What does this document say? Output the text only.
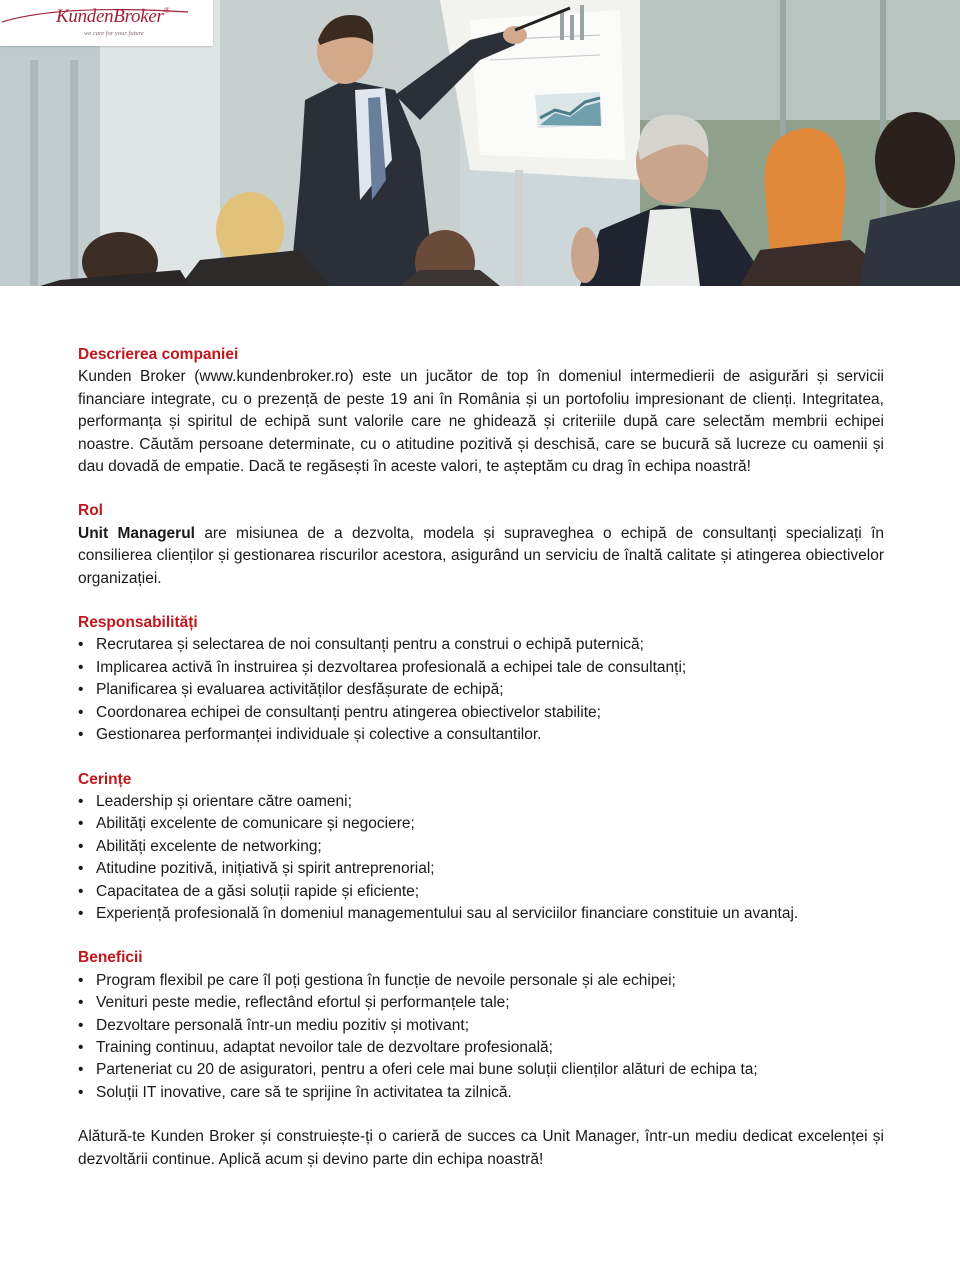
KundenBroker®
we care for your future

Descrierea companiei

Kunden Broker (www.kundenbroker.ro) este un jucător de top în domeniul intermedierii de asigurări și servicii financiare integrate, cu o prezență de peste 19 ani în România și un portofoliu impresionant de clienți. Integritatea, performanța și spiritul de echipă sunt valorile care ne ghidează și criteriile după care selectăm membrii echipei noastre. Căutăm persoane determinate, cu o atitudine pozitivă și deschisă, care se bucură să lucreze cu oamenii și dau dovadă de empatie. Dacă te regăsești în aceste valori, te așteptăm cu drag în echipa noastră!

Rol

Unit Managerul are misiunea de a dezvolta, modela și supraveghea o echipă de consultanți specializați în consilierea clienților și gestionarea riscurilor acestora, asigurând un serviciu de înaltă calitate și atingerea obiectivelor organizației.

Responsabilități

• Recrutarea și selectarea de noi consultanți pentru a construi o echipă puternică;
• Implicarea activă în instruirea și dezvoltarea profesională a echipei tale de consultanți;
• Planificarea și evaluarea activităților desfășurate de echipă;
• Coordonarea echipei de consultanți pentru atingerea obiectivelor stabilite;
• Gestionarea performanței individuale și colective a consultantilor.

Cerințe

• Leadership și orientare către oameni;
• Abilități excelente de comunicare și negociere;
• Abilități excelente de networking;
• Atitudine pozitivă, inițiativă și spirit antreprenorial;
• Capacitatea de a găsi soluții rapide și eficiente;
• Experiență profesională în domeniul managementului sau al serviciilor financiare constituie un avantaj.

Beneficii

• Program flexibil pe care îl poți gestiona în funcție de nevoile personale și ale echipei;
• Venituri peste medie, reflectând efortul și performanțele tale;
• Dezvoltare personală într-un mediu pozitiv și motivant;
• Training continuu, adaptat nevoilor tale de dezvoltare profesională;
• Parteneriat cu 20 de asiguratori, pentru a oferi cele mai bune soluții clienților alături de echipa ta;
• Soluții IT inovative, care să te sprijine în activitatea ta zilnică.

Alătură-te Kunden Broker și construiește-ți o carieră de succes ca Unit Manager, într-un mediu dedicat excelenței și dezvoltării continue. Aplică acum și devino parte din echipa noastră!
